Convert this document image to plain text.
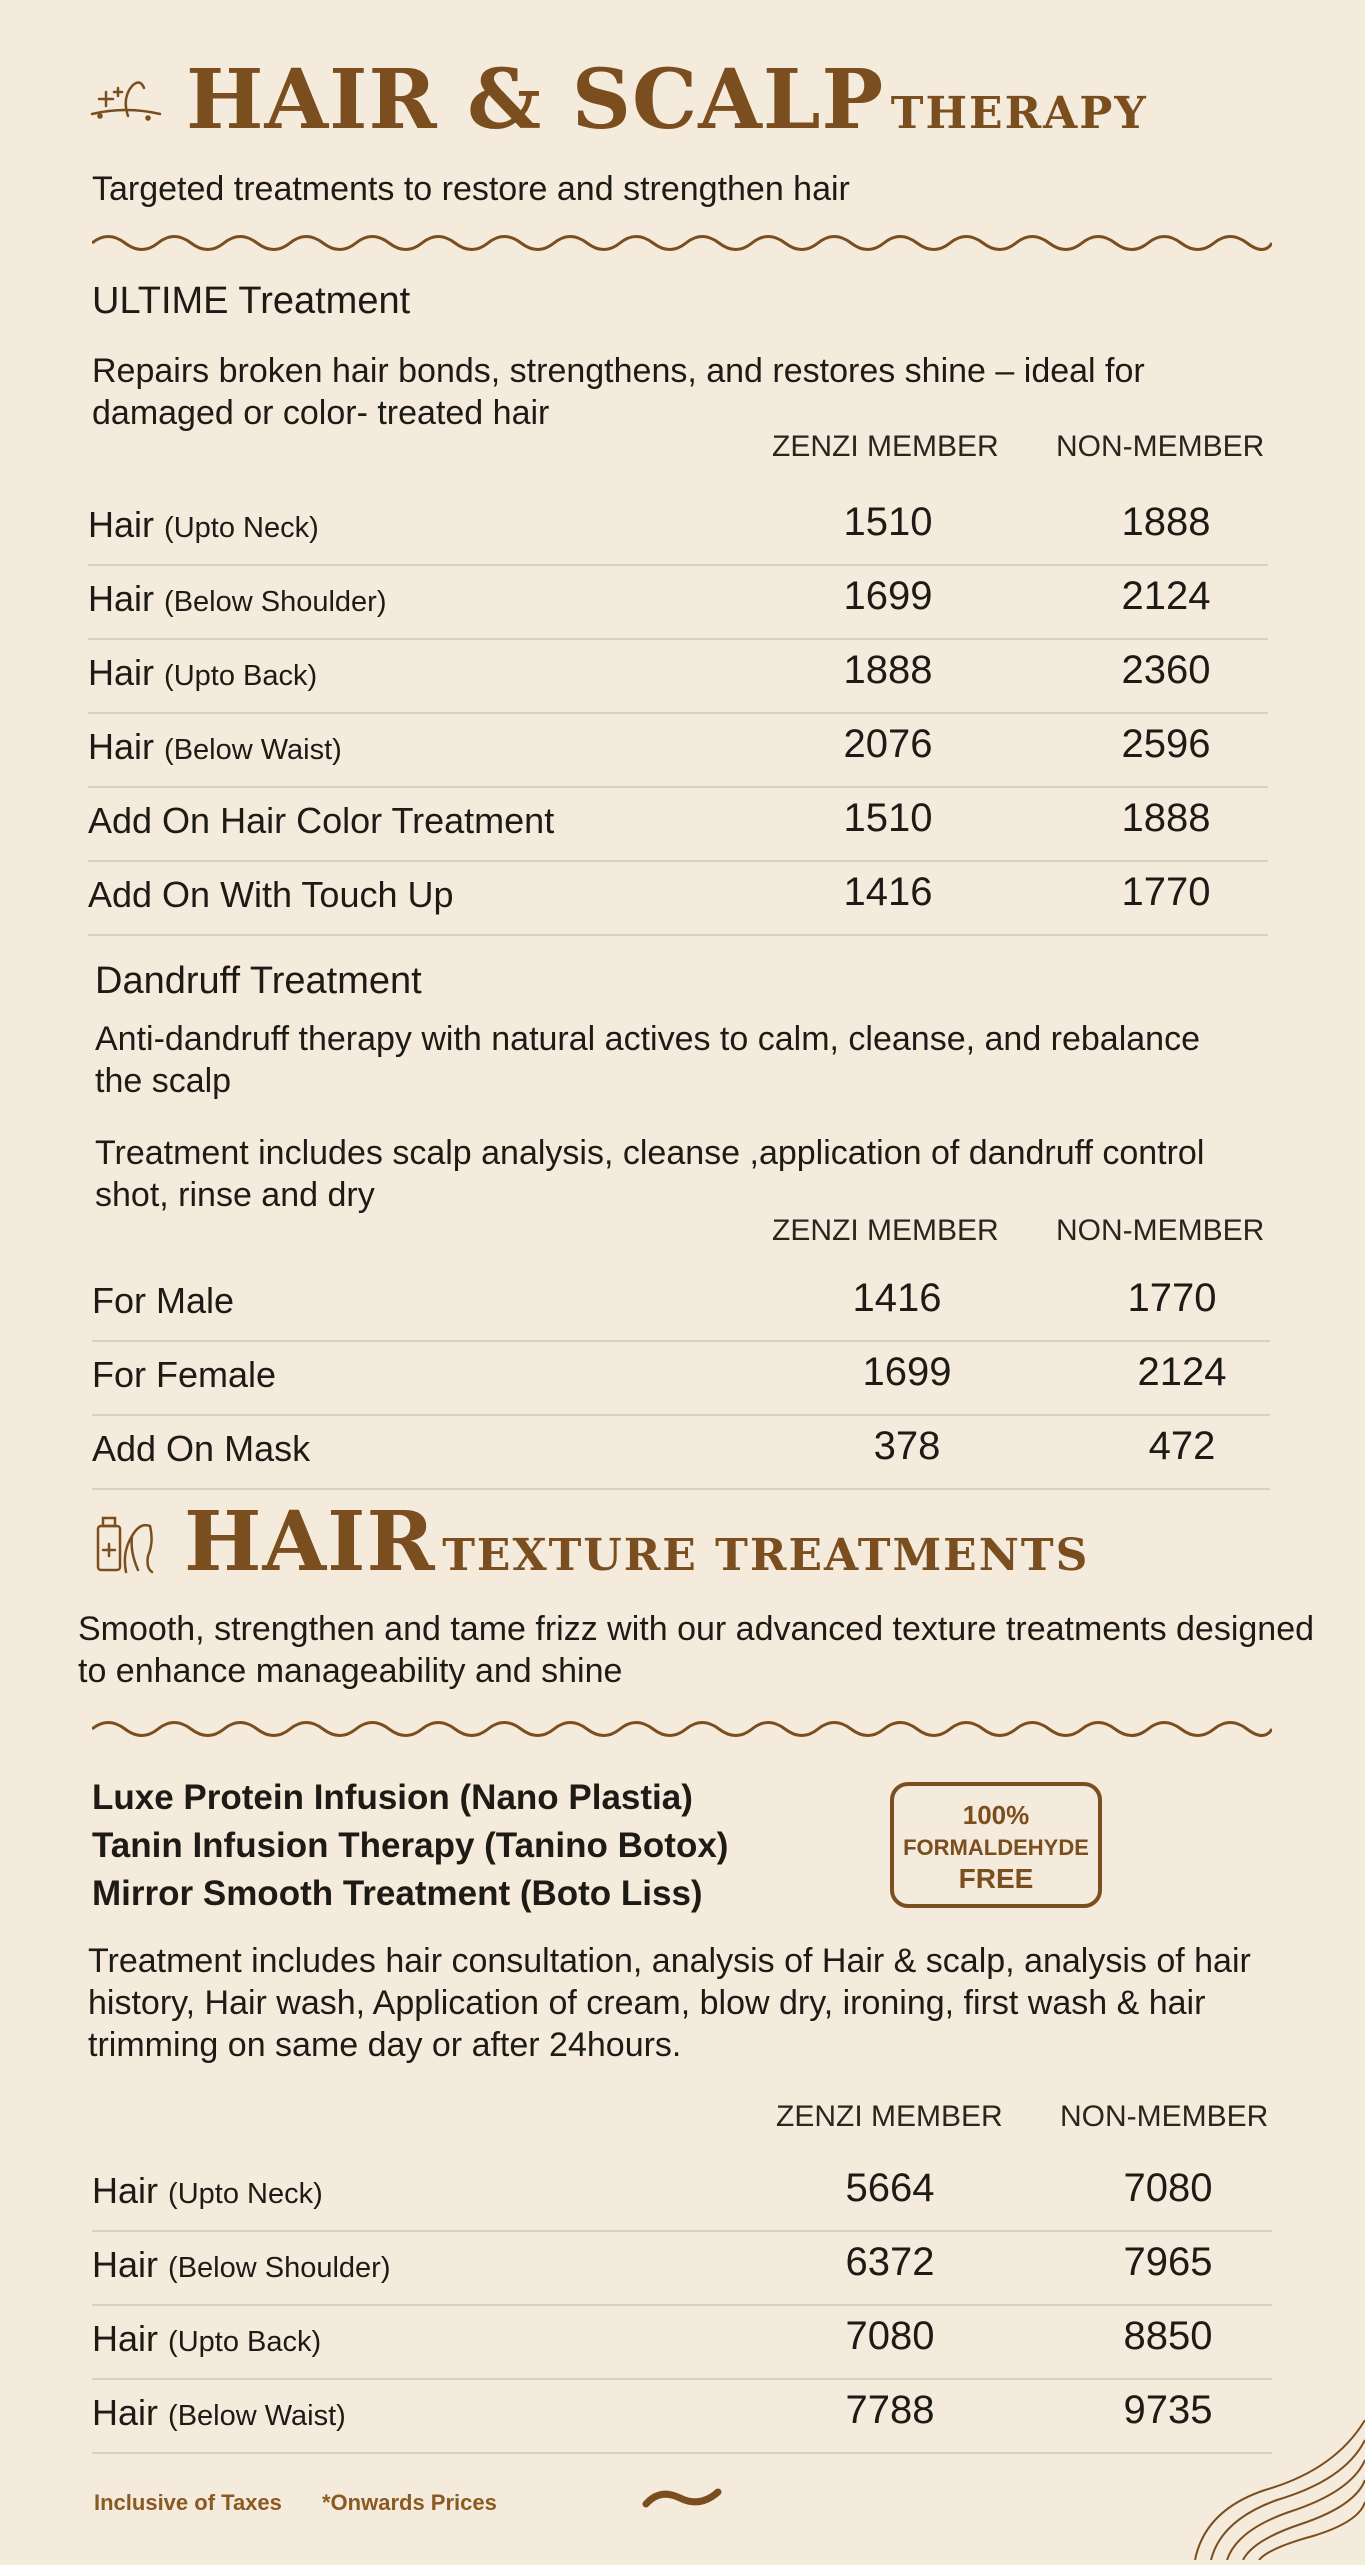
HAIR & SCALP THERAPY
Targeted treatments to restore and strengthen hair
ULTIME Treatment
Repairs broken hair bonds, strengthens, and restores shine – ideal for damaged or color- treated hair
ZENZI MEMBER NON-MEMBER
Hair (Upto Neck)	1510	1888
Hair (Below Shoulder)	1699	2124
Hair (Upto Back)	1888	2360
Hair (Below Waist)	2076	2596
Add On Hair Color Treatment	1510	1888
Add On With Touch Up	1416	1770
Dandruff Treatment
Anti-dandruff therapy with natural actives to calm, cleanse, and rebalance the scalp
Treatment includes scalp analysis, cleanse ,application of dandruff control shot, rinse and dry
ZENZI MEMBER NON-MEMBER
For Male	1416	1770
For Female	1699	2124
Add On Mask	378	472
HAIR TEXTURE TREATMENTS
Smooth, strengthen and tame frizz with our advanced texture treatments designed to enhance manageability and shine
Luxe Protein Infusion (Nano Plastia)
Tanin Infusion Therapy (Tanino Botox)
Mirror Smooth Treatment (Boto Liss)
100%
FORMALDEHYDE
FREE
Treatment includes hair consultation, analysis of Hair & scalp, analysis of hair history, Hair wash, Application of cream, blow dry, ironing, first wash & hair trimming on same day or after 24hours.
ZENZI MEMBER NON-MEMBER
Hair (Upto Neck)	5664	7080
Hair (Below Shoulder)	6372	7965
Hair (Upto Back)	7080	8850
Hair (Below Waist)	7788	9735
Inclusive of Taxes *Onwards Prices
